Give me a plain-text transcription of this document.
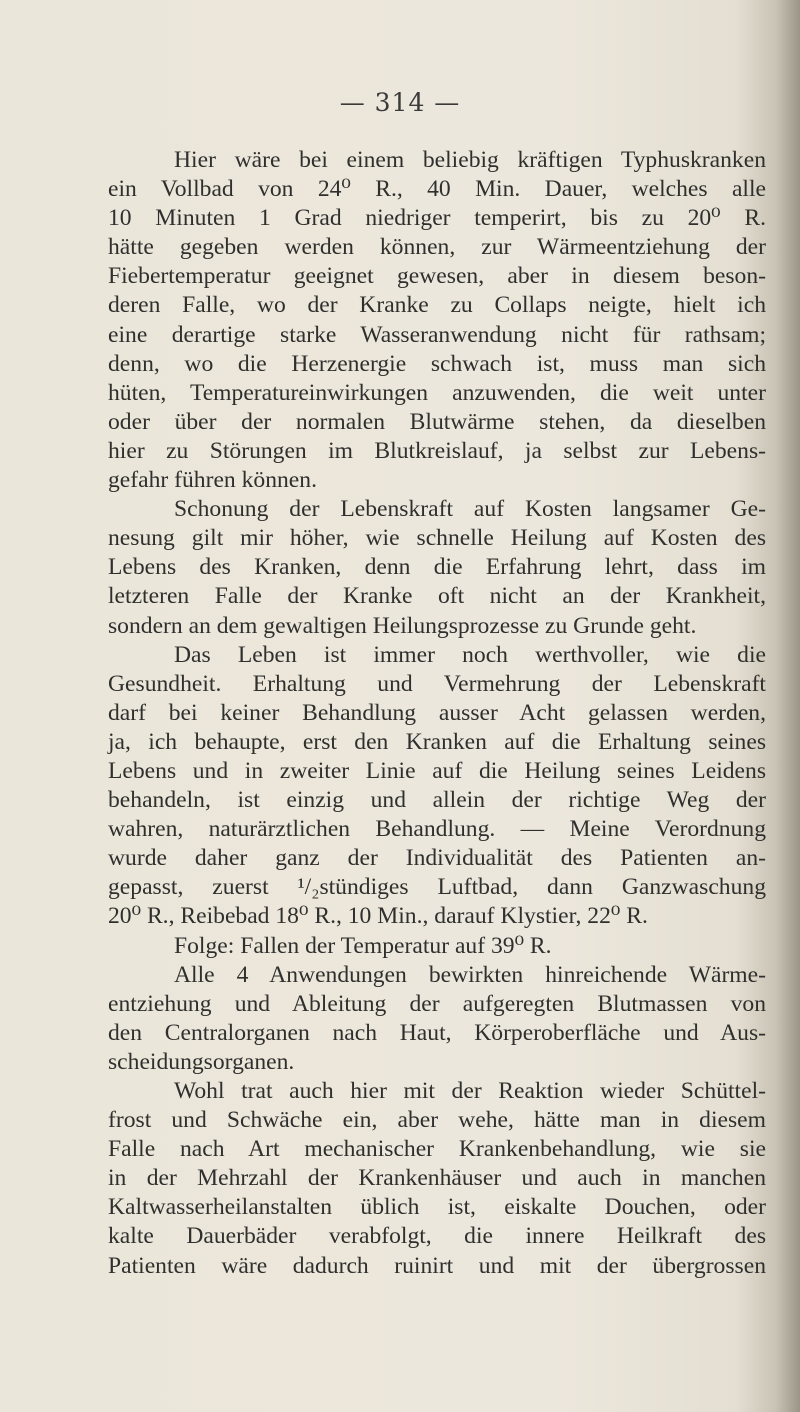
— 314 —
Hier wäre bei einem beliebig kräftigen Typhuskranken
ein Vollbad von 24⁰ R., 40 Min. Dauer, welches alle
10 Minuten 1 Grad niedriger temperirt, bis zu 20⁰ R.
hätte gegeben werden können, zur Wärmeentziehung der
Fiebertemperatur geeignet gewesen, aber in diesem beson-
deren Falle, wo der Kranke zu Collaps neigte, hielt ich
eine derartige starke Wasseranwendung nicht für rathsam;
denn, wo die Herzenergie schwach ist, muss man sich
hüten, Temperatureinwirkungen anzuwenden, die weit unter
oder über der normalen Blutwärme stehen, da dieselben
hier zu Störungen im Blutkreislauf, ja selbst zur Lebens-
gefahr führen können.
Schonung der Lebenskraft auf Kosten langsamer Ge-
nesung gilt mir höher, wie schnelle Heilung auf Kosten des
Lebens des Kranken, denn die Erfahrung lehrt, dass im
letzteren Falle der Kranke oft nicht an der Krankheit,
sondern an dem gewaltigen Heilungsprozesse zu Grunde geht.
Das Leben ist immer noch werthvoller, wie die
Gesundheit. Erhaltung und Vermehrung der Lebenskraft
darf bei keiner Behandlung ausser Acht gelassen werden,
ja, ich behaupte, erst den Kranken auf die Erhaltung seines
Lebens und in zweiter Linie auf die Heilung seines Leidens
behandeln, ist einzig und allein der richtige Weg der
wahren, naturärztlichen Behandlung. — Meine Verordnung
wurde daher ganz der Individualität des Patienten an-
gepasst, zuerst ¹/₂stündiges Luftbad, dann Ganzwaschung
20⁰ R., Reibebad 18⁰ R., 10 Min., darauf Klystier, 22⁰ R.
Folge: Fallen der Temperatur auf 39⁰ R.
Alle 4 Anwendungen bewirkten hinreichende Wärme-
entziehung und Ableitung der aufgeregten Blutmassen von
den Centralorganen nach Haut, Körperoberfläche und Aus-
scheidungsorganen.
Wohl trat auch hier mit der Reaktion wieder Schüttel-
frost und Schwäche ein, aber wehe, hätte man in diesem
Falle nach Art mechanischer Krankenbehandlung, wie sie
in der Mehrzahl der Krankenhäuser und auch in manchen
Kaltwasserheilanstalten üblich ist, eiskalte Douchen, oder
kalte Dauerbäder verabfolgt, die innere Heilkraft des
Patienten wäre dadurch ruinirt und mit der übergrossen
